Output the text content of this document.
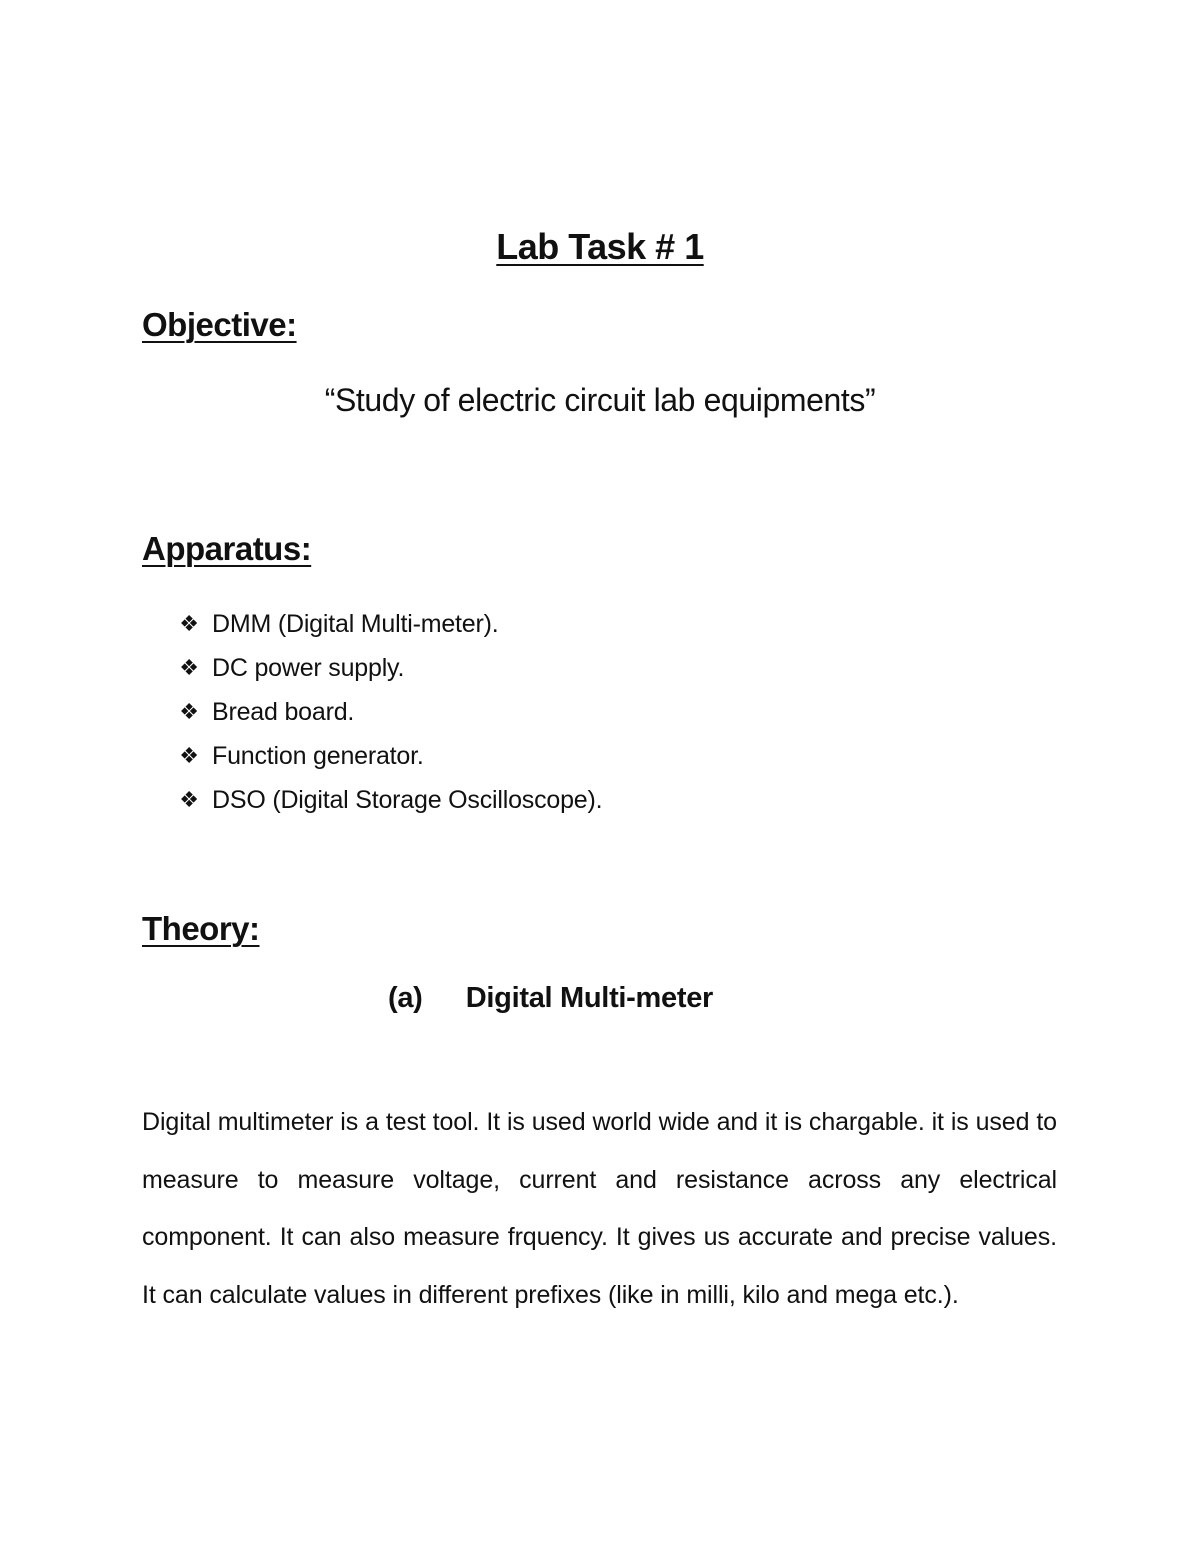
Lab Task # 1
Objective:
“Study of electric circuit lab equipments”
Apparatus:
❖ DMM (Digital Multi-meter).
❖ DC power supply.
❖ Bread board.
❖ Function generator.
❖ DSO (Digital Storage Oscilloscope).
Theory:
(a) Digital Multi-meter

Digital multimeter is a test tool. It is used world wide and it is chargable. it is used to measure to measure voltage, current and resistance across any electrical component. It can also measure frquency. It gives us accurate and precise values. It can calculate values in different prefixes (like in milli, kilo and mega etc.).
